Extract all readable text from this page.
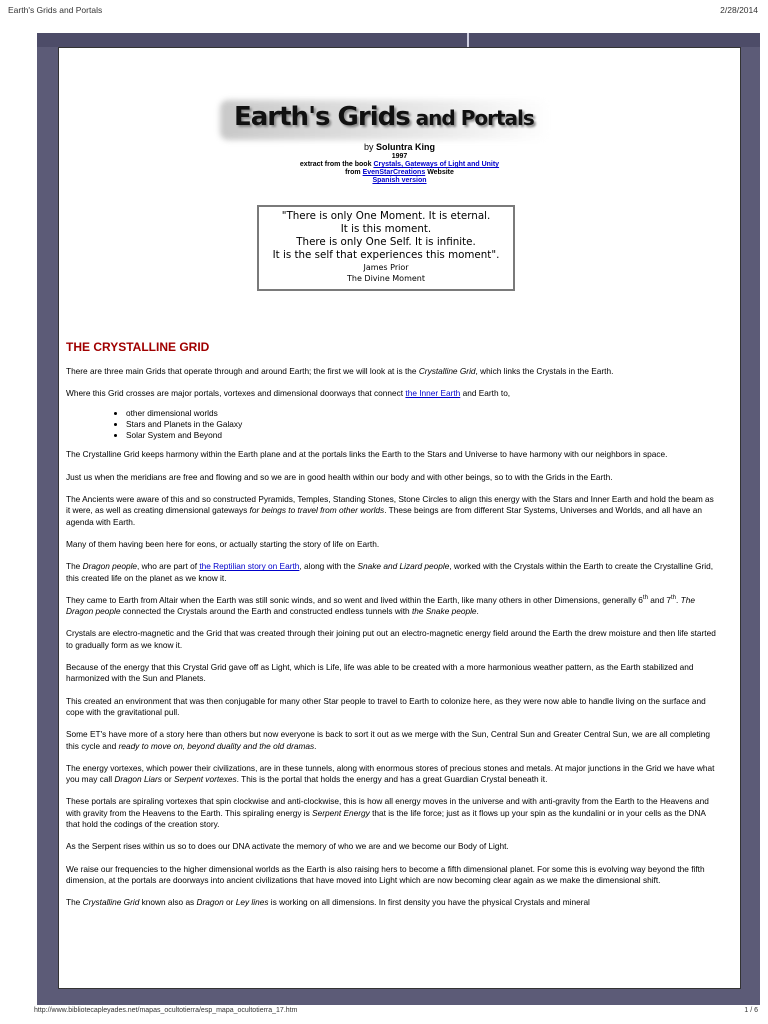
Earth's Grids and Portals	2/28/2014
Earth's Grids and Portals
by Soluntra King
1997
extract from the book Crystals, Gateways of Light and Unity
from EvenStarCreations Website
Spanish version
"There is only One Moment. It is eternal.
It is this moment.
There is only One Self. It is infinite.
It is the self that experiences this moment".
James Prior
The Divine Moment
THE CRYSTALLINE GRID

There are three main Grids that operate through and around Earth; the first we will look at is the Crystalline Grid, which links the Crystals in the Earth.

Where this Grid crosses are major portals, vortexes and dimensional doorways that connect the Inner Earth and Earth to,

• other dimensional worlds
• Stars and Planets in the Galaxy
• Solar System and Beyond

The Crystalline Grid keeps harmony within the Earth plane and at the portals links the Earth to the Stars and Universe to have harmony with our neighbors in space.

Just us when the meridians are free and flowing and so we are in good health within our body and with other beings, so to with the Grids in the Earth.

The Ancients were aware of this and so constructed Pyramids, Temples, Standing Stones, Stone Circles to align this energy with the Stars and Inner Earth and hold the beam as it were, as well as creating dimensional gateways for beings to travel from other worlds. These beings are from different Star Systems, Universes and Worlds, and all have an agenda with Earth.

Many of them having been here for eons, or actually starting the story of life on Earth.

The Dragon people, who are part of the Reptilian story on Earth, along with the Snake and Lizard people, worked with the Crystals within the Earth to create the Crystalline Grid, this created life on the planet as we know it.

They came to Earth from Altair when the Earth was still sonic winds, and so went and lived within the Earth, like many others in other Dimensions, generally 6th and 7th. The Dragon people connected the Crystals around the Earth and constructed endless tunnels with the Snake people.

Crystals are electro-magnetic and the Grid that was created through their joining put out an electro-magnetic energy field around the Earth the drew moisture and then life started to gradually form as we know it.

Because of the energy that this Crystal Grid gave off as Light, which is Life, life was able to be created with a more harmonious weather pattern, as the Earth stabilized and harmonized with the Sun and Planets.

This created an environment that was then conjugable for many other Star people to travel to Earth to colonize here, as they were now able to handle living on the surface and cope with the gravitational pull.

Some ET's have more of a story here than others but now everyone is back to sort it out as we merge with the Sun, Central Sun and Greater Central Sun, we are all completing this cycle and ready to move on, beyond duality and the old dramas.

The energy vortexes, which power their civilizations, are in these tunnels, along with enormous stores of precious stones and metals. At major junctions in the Grid we have what you may call Dragon Liars or Serpent vortexes. This is the portal that holds the energy and has a great Guardian Crystal beneath it.

These portals are spiraling vortexes that spin clockwise and anti-clockwise, this is how all energy moves in the universe and with anti-gravity from the Earth to the Heavens and with gravity from the Heavens to the Earth. This spiraling energy is Serpent Energy that is the life force; just as it flows up your spin as the kundalini or in your cells as the DNA that hold the codings of the creation story.

As the Serpent rises within us so to does our DNA activate the memory of who we are and we become our Body of Light.

We raise our frequencies to the higher dimensional worlds as the Earth is also raising hers to become a fifth dimensional planet. For some this is evolving way beyond the fifth dimension, at the portals are doorways into ancient civilizations that have moved into Light which are now becoming clear again as we make the dimensional shift.

The Crystalline Grid known also as Dragon or Ley lines is working on all dimensions. In first density you have the physical Crystals and mineral

http://www.bibliotecapleyades.net/mapas_ocultotierra/esp_mapa_ocultotierra_17.htm	1 / 6
